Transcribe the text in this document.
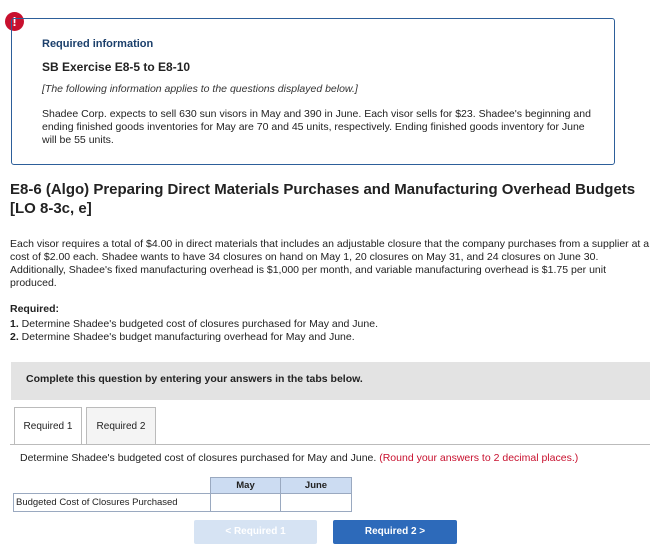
!
Required information
SB Exercise E8-5 to E8-10
[The following information applies to the questions displayed below.]
Shadee Corp. expects to sell 630 sun visors in May and 390 in June. Each visor sells for $23. Shadee's beginning and ending finished goods inventories for May are 70 and 45 units, respectively. Ending finished goods inventory for June will be 55 units.
E8-6 (Algo) Preparing Direct Materials Purchases and Manufacturing Overhead Budgets [LO 8-3c, e]
Each visor requires a total of $4.00 in direct materials that includes an adjustable closure that the company purchases from a supplier at a cost of $2.00 each. Shadee wants to have 34 closures on hand on May 1, 20 closures on May 31, and 24 closures on June 30. Additionally, Shadee's fixed manufacturing overhead is $1,000 per month, and variable manufacturing overhead is $1.75 per unit produced.
Required:
1. Determine Shadee's budgeted cost of closures purchased for May and June.
2. Determine Shadee's budget manufacturing overhead for May and June.
Complete this question by entering your answers in the tabs below.
Required 1	Required 2
Determine Shadee's budgeted cost of closures purchased for May and June. (Round your answers to 2 decimal places.)
	May	June
Budgeted Cost of Closures Purchased		
< Required 1	Required 2 >
